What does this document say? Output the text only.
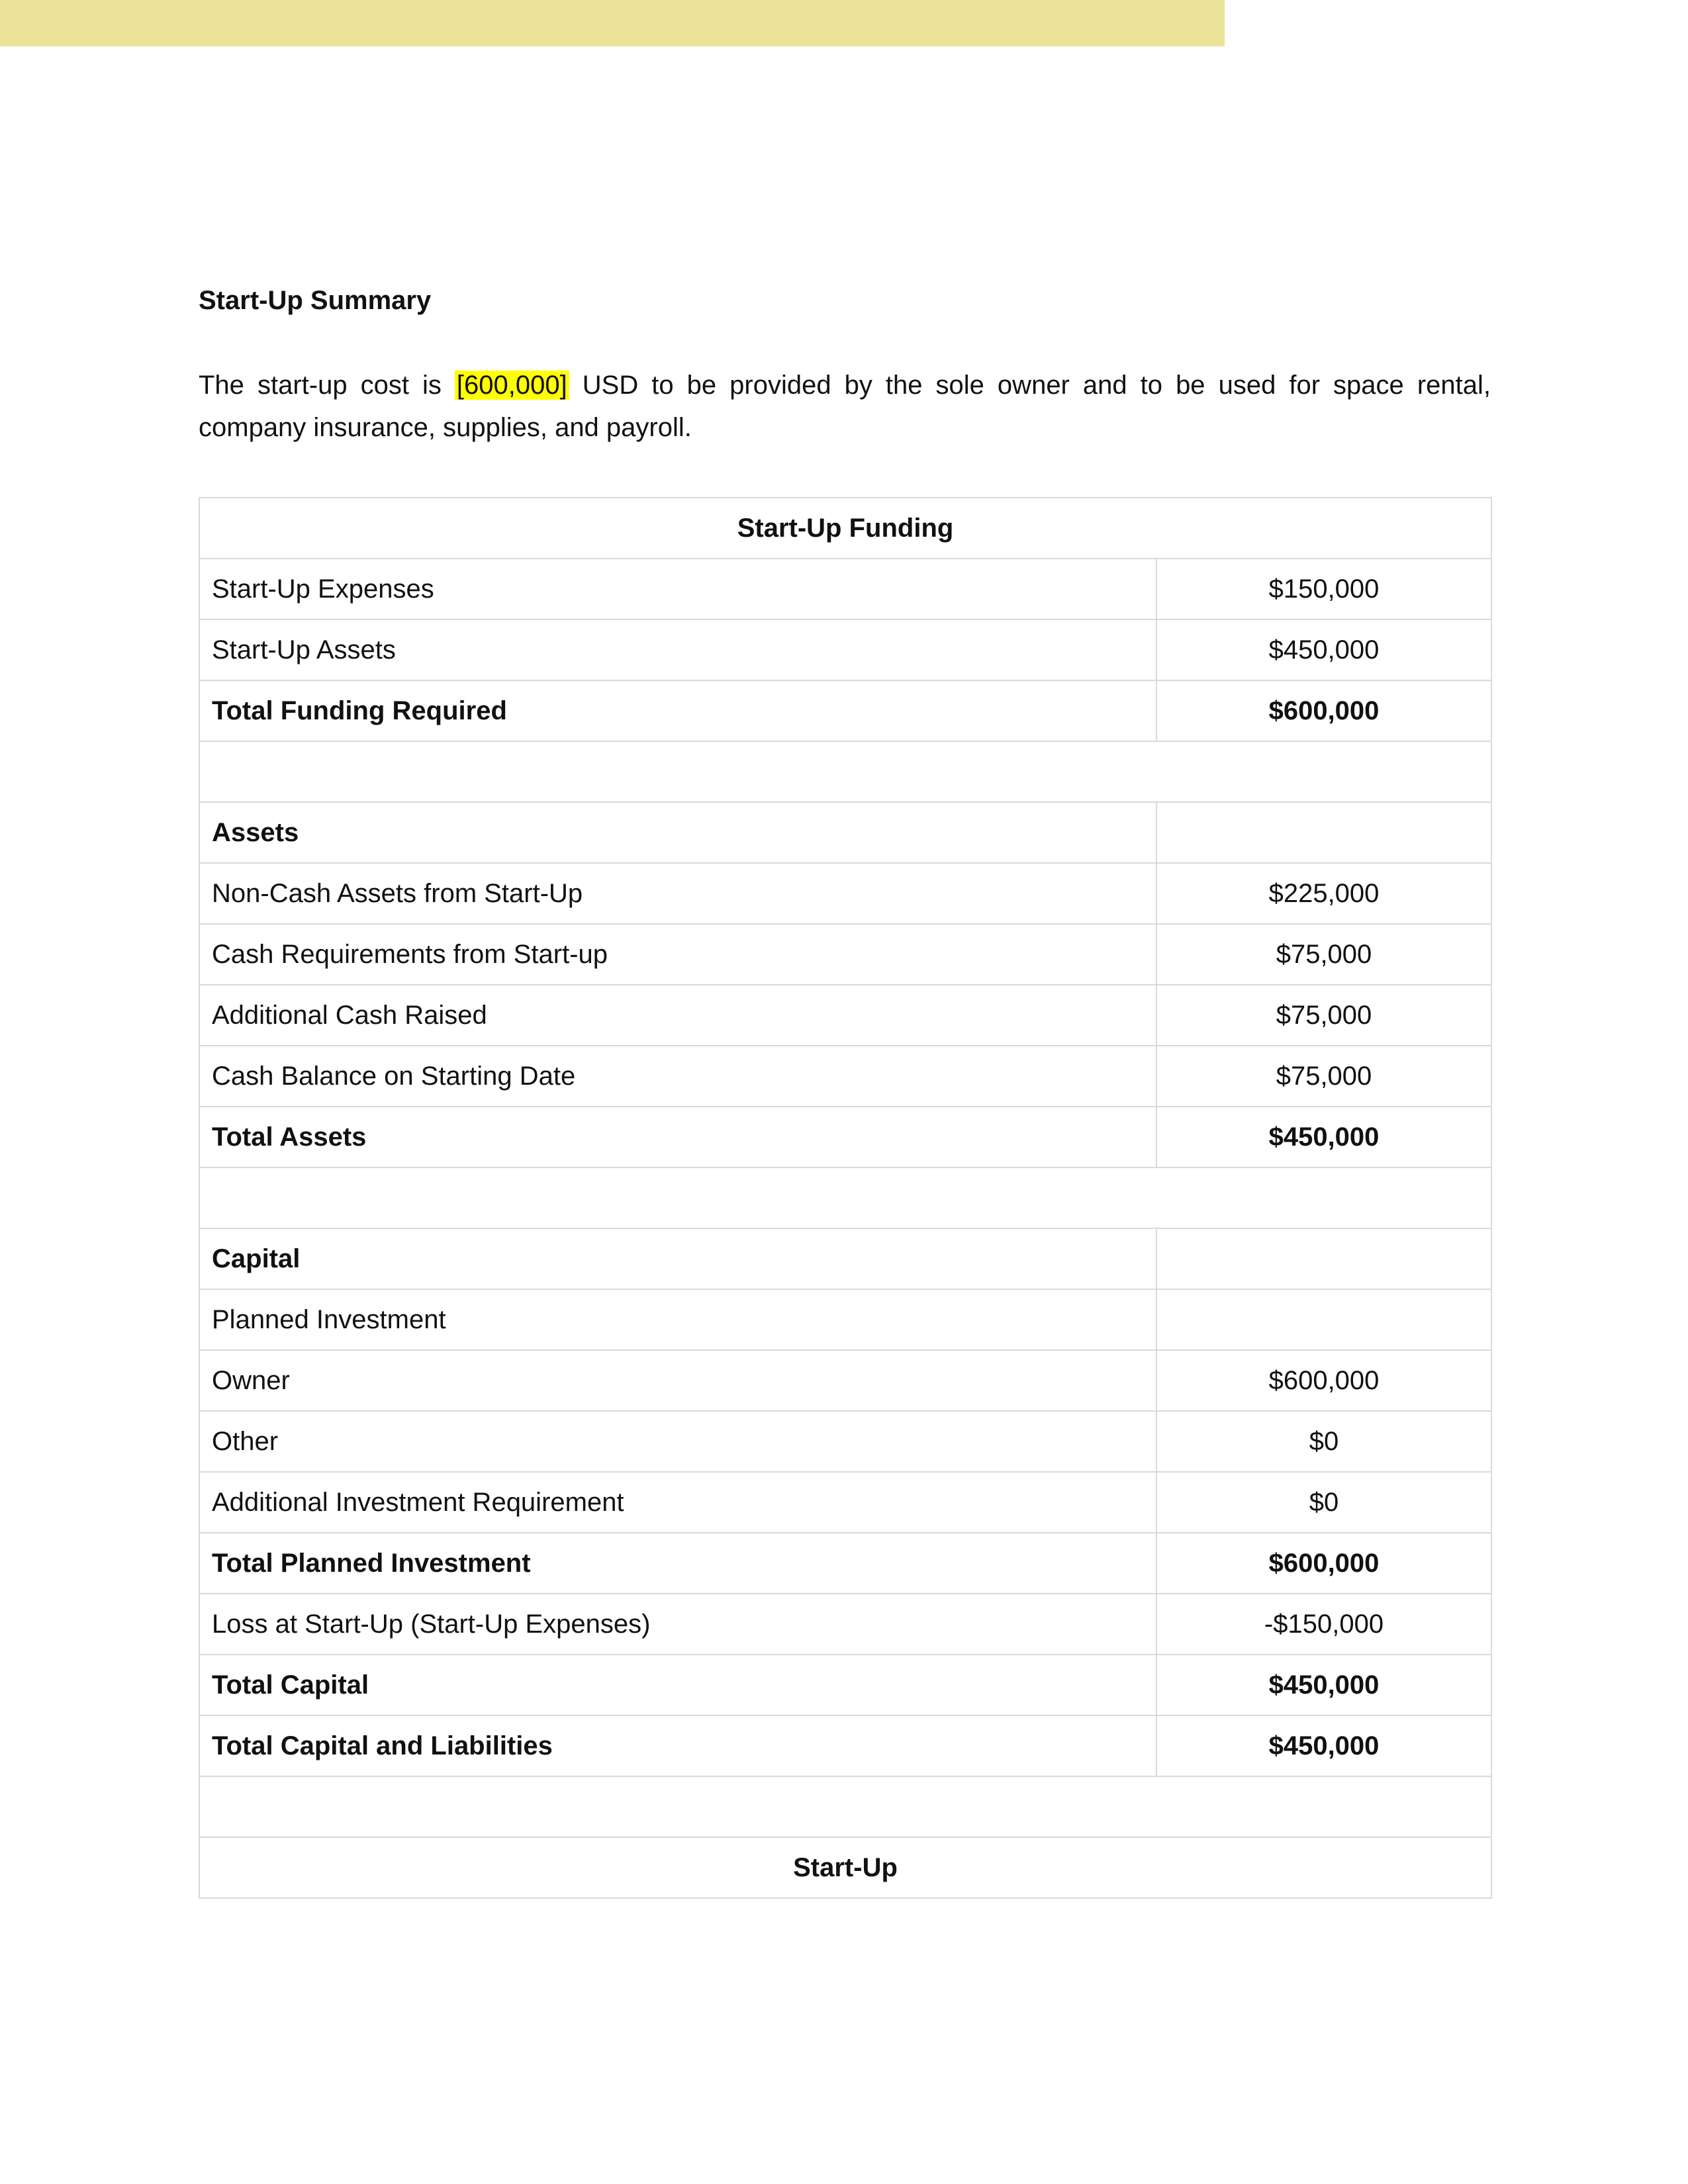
Start-Up Summary

The start-up cost is [600,000] USD to be provided by the sole owner and to be used for space rental, company insurance, supplies, and payroll.

Start-Up Funding	
Start-Up Expenses	$150,000
Start-Up Assets	$450,000
Total Funding Required	$600,000

Assets	
Non-Cash Assets from Start-Up	$225,000
Cash Requirements from Start-up	$75,000
Additional Cash Raised	$75,000
Cash Balance on Starting Date	$75,000
Total Assets	$450,000

Capital	
Planned Investment	
Owner	$600,000
Other	$0
Additional Investment Requirement	$0
Total Planned Investment	$600,000
Loss at Start-Up (Start-Up Expenses)	-$150,000
Total Capital	$450,000
Total Capital and Liabilities	$450,000

Start-Up	
